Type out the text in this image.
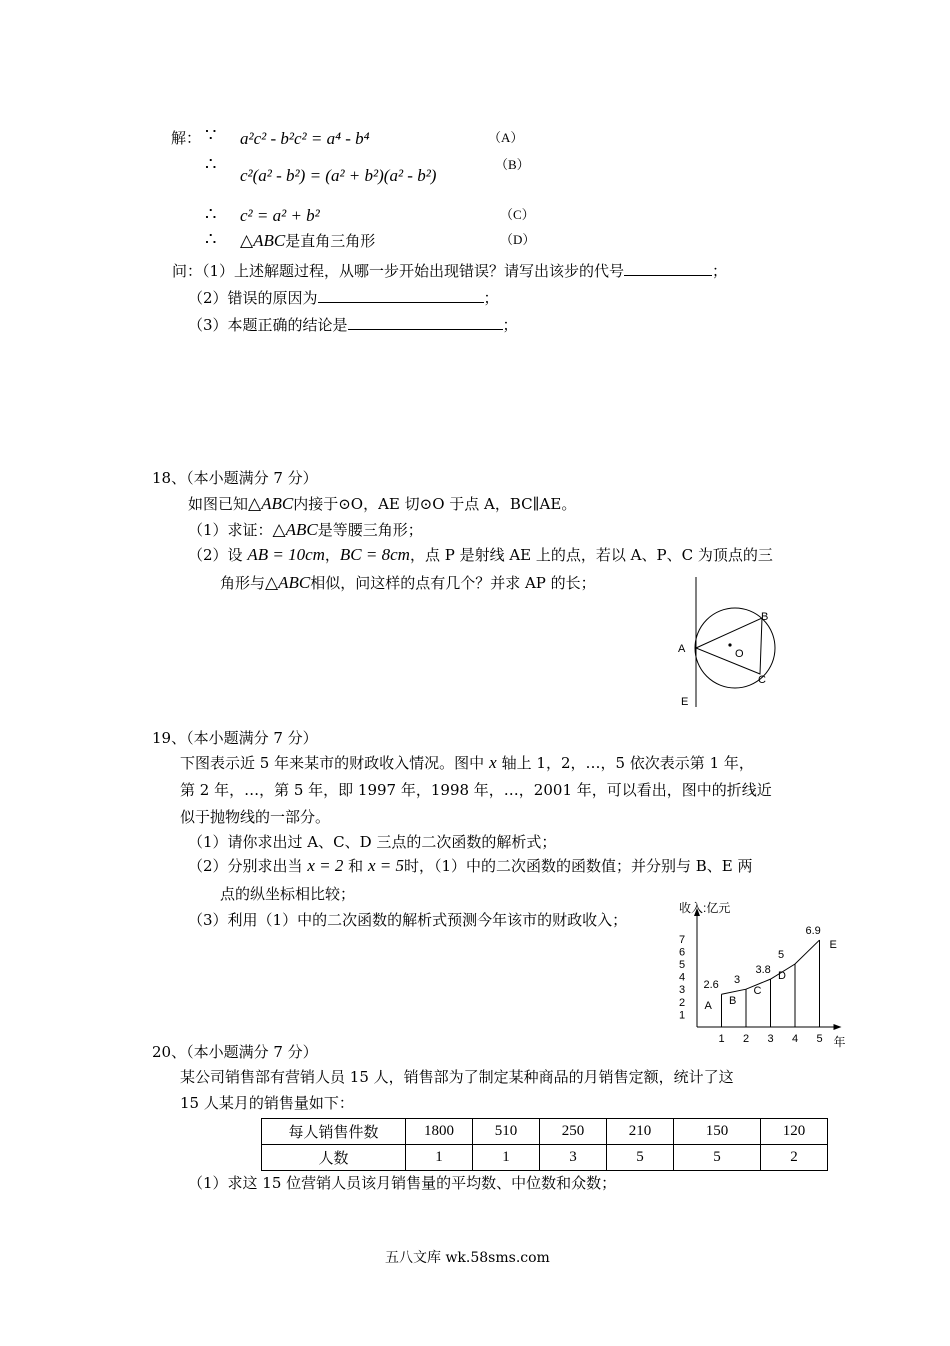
解： ∵ a²c² - b²c² = a⁴ - b⁴	（A）
∴
c²(a² - b²) = (a² + b²)(a² - b²)
（B）
∴ c² = a² + b²	（C）
∴ △ABC是直角三角形	（D）
问：（1）上述解题过程，从哪一步开始出现错误？请写出该步的代号	；
（2）错误的原因为	；
（3）本题正确的结论是	；
18、（本小题满分 7 分）
如图已知△ABC内接于⊙O，AE 切⊙O 于点 A，BC∥AE。
（1）求证：△ABC是等腰三角形；
（2）设 AB = 10cm，BC = 8cm，点 P 是射线 AE 上的点，若以 A、P、C 为顶点的三
角形与△ABC相似，问这样的点有几个？并求 AP 的长；
A
B
C
O
E
19、（本小题满分 7 分）
下图表示近 5 年来某市的财政收入情况。图中 x 轴上 1，2，…，5 依次表示第 1 年，
第 2 年，…，第 5 年，即 1997 年，1998 年，…，2001 年，可以看出，图中的折线近
似于抛物线的一部分。
（1）请你求出过 A、C、D 三点的二次函数的解析式；
（2）分别求出当 x = 2 和 x = 5时，（1）中的二次函数的函数值；并分别与 B、E 两
点的纵坐标相比较；
（3）利用（1）中的二次函数的解析式预测今年该市的财政收入；
收入:亿元
年
1
2
3
4
5
6
7
1 2 3 4 5
2.6
A
3
B
3.8
C
5
D
6.9
E
20、（本小题满分 7 分）
某公司销售部有营销人员 15 人，销售部为了制定某种商品的月销售定额，统计了这
15 人某月的销售量如下：
每人销售件数	1800	510	250	210	150	120
人数	1	1	3	5	5	2
（1）求这 15 位营销人员该月销售量的平均数、中位数和众数；
五八文库 wk.58sms.com
